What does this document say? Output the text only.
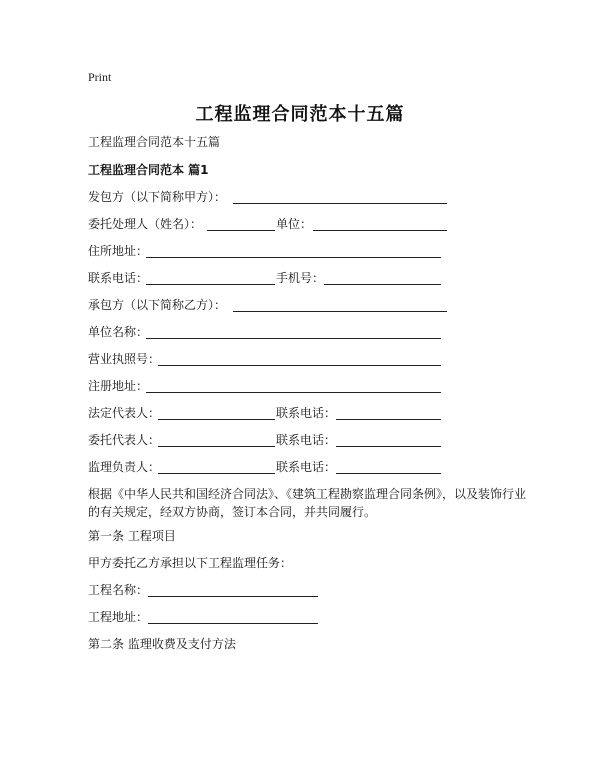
Print
工程监理合同范本十五篇
工程监理合同范本十五篇
工程监理合同范本 篇1
发包方（以下简称甲方）：
委托处理人（姓名）：	单位：
住所地址：
联系电话：	手机号：
承包方（以下简称乙方）：
单位名称：
营业执照号：
注册地址：
法定代表人：	联系电话：
委托代表人：	联系电话：
监理负责人：	联系电话：
根据《中华人民共和国经济合同法》、《建筑工程勘察监理合同条例》，以及装饰行业的有关规定，经双方协商，签订本合同，并共同履行。
第一条 工程项目
甲方委托乙方承担以下工程监理任务：
工程名称：
工程地址：
第二条 监理收费及支付方法
